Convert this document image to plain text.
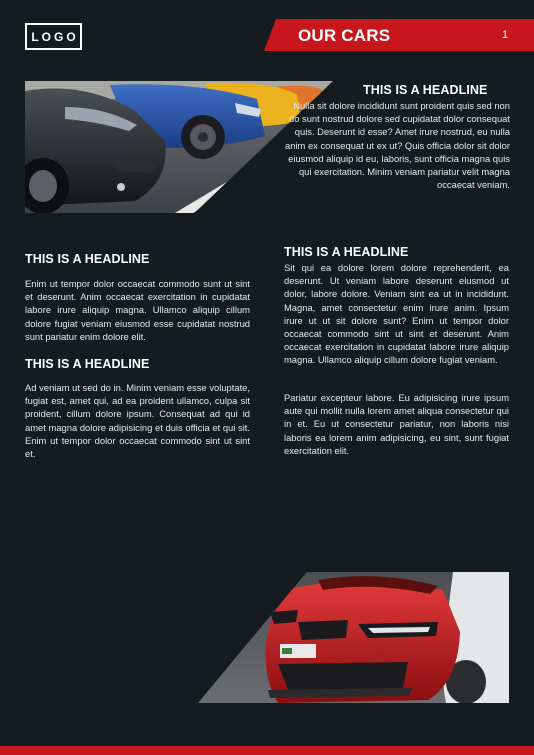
LOGO	OUR CARS	1
THIS IS A HEADLINE
Nulla sit dolore incididunt sunt proident quis sed non do sunt nostrud dolore sed cupidatat dolor consequat quis. Deserunt id esse? Amet irure nostrud, eu nulla anim ex consequat ut ex ut? Quis officia dolor sit dolor eiusmod aliquip id eu, laboris, sunt officia magna quis qui exercitation. Minim veniam pariatur velit magna occaecat veniam.
THIS IS A HEADLINE
Enim ut tempor dolor occaecat commodo sunt ut sint et deserunt. Anim occaecat exercitation in cupidatat labore irure aliquip magna. Ullamco aliquip cillum dolore fugiat veniam eiusmod esse cupidatat nostrud sunt pariatur enim dolore elit.
THIS IS A HEADLINE
Ad veniam ut sed do in. Minim veniam esse voluptate, fugiat est, amet qui, ad ea proident ullamco, culpa sit proident, cillum dolore ipsum. Consequat ad qui id amet magna dolore adipisicing et duis officia et qui sit. Enim ut tempor dolor occaecat commodo sint ut sint et.
THIS IS A HEADLINE
Sit qui ea dolore lorem dolore reprehenderit, ea deserunt. Ut veniam labore deserunt eiusmod ut dolor, labore dolore. Veniam sint ea ut in incididunt. Magna, amet consectetur enim irure anim. Ipsum irure ut ut sit dolore sunt? Enim ut tempor dolor occaecat commodo sint ut sint et deserunt. Anim occaecat exercitation in cupidatat labore irure aliquip magna. Ullamco aliquip cillum dolore fugiat veniam.
Pariatur excepteur labore. Eu adipisicing irure ipsum aute qui mollit nulla lorem amet aliqua consectetur qui in et. Eu ut consectetur pariatur, non laboris nisi laboris ea lorem anim adipisicing, eu sint, sunt fugiat exercitation elit.
